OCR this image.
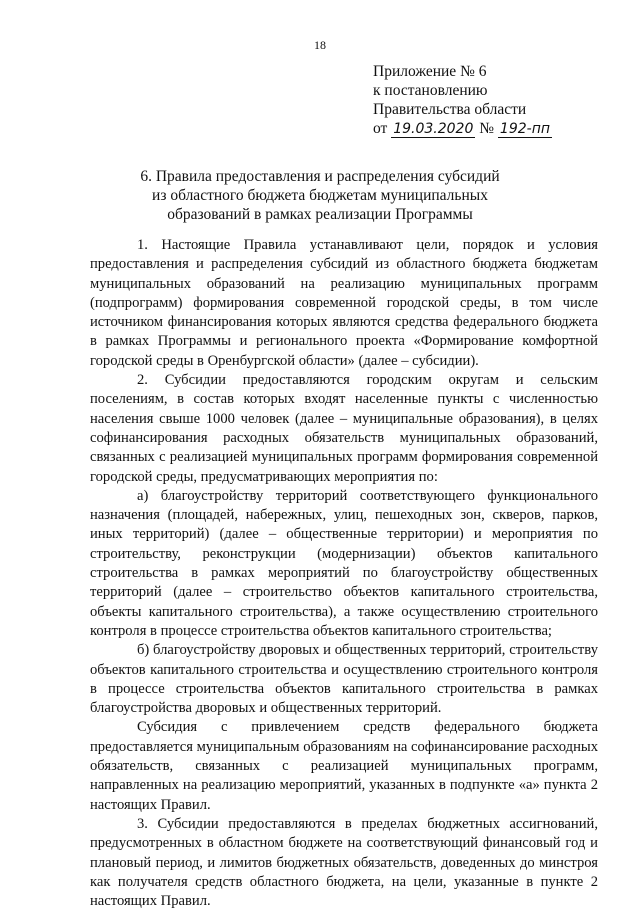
18
Приложение № 6
к постановлению
Правительства области
от 19.03.2020 № 192-пп
6. Правила предоставления и распределения субсидий
из областного бюджета бюджетам муниципальных
образований в рамках реализации Программы

1. Настоящие Правила устанавливают цели, порядок и условия предоставления и распределения субсидий из областного бюджета бюджетам муниципальных образований на реализацию муниципальных программ (подпрограмм) формирования современной городской среды, в том числе источником финансирования которых являются средства федерального бюджета в рамках Программы и регионального проекта «Формирование комфортной городской среды в Оренбургской области» (далее – субсидии).

2. Субсидии предоставляются городским округам и сельским поселениям, в состав которых входят населенные пункты с численностью населения свыше 1000 человек (далее – муниципальные образования), в целях софинансирования расходных обязательств муниципальных образований, связанных с реализацией муниципальных программ формирования современной городской среды, предусматривающих мероприятия по:

а) благоустройству территорий соответствующего функционального назначения (площадей, набережных, улиц, пешеходных зон, скверов, парков, иных территорий) (далее – общественные территории) и мероприятия по строительству, реконструкции (модернизации) объектов капитального строительства в рамках мероприятий по благоустройству общественных территорий (далее – строительство объектов капитального строительства, объекты капитального строительства), а также осуществлению строительного контроля в процессе строительства объектов капитального строительства;

б) благоустройству дворовых и общественных территорий, строительству объектов капитального строительства и осуществлению строительного контроля в процессе строительства объектов капитального строительства в рамках благоустройства дворовых и общественных территорий.

Субсидия с привлечением средств федерального бюджета предоставляется муниципальным образованиям на софинансирование расходных обязательств, связанных с реализацией муниципальных программ, направленных на реализацию мероприятий, указанных в подпункте «а» пункта 2 настоящих Правил.

3. Субсидии предоставляются в пределах бюджетных ассигнований, предусмотренных в областном бюджете на соответствующий финансовый год и плановый период, и лимитов бюджетных обязательств, доведенных до минстроя как получателя средств областного бюджета, на цели, указанные в пункте 2 настоящих Правил.
